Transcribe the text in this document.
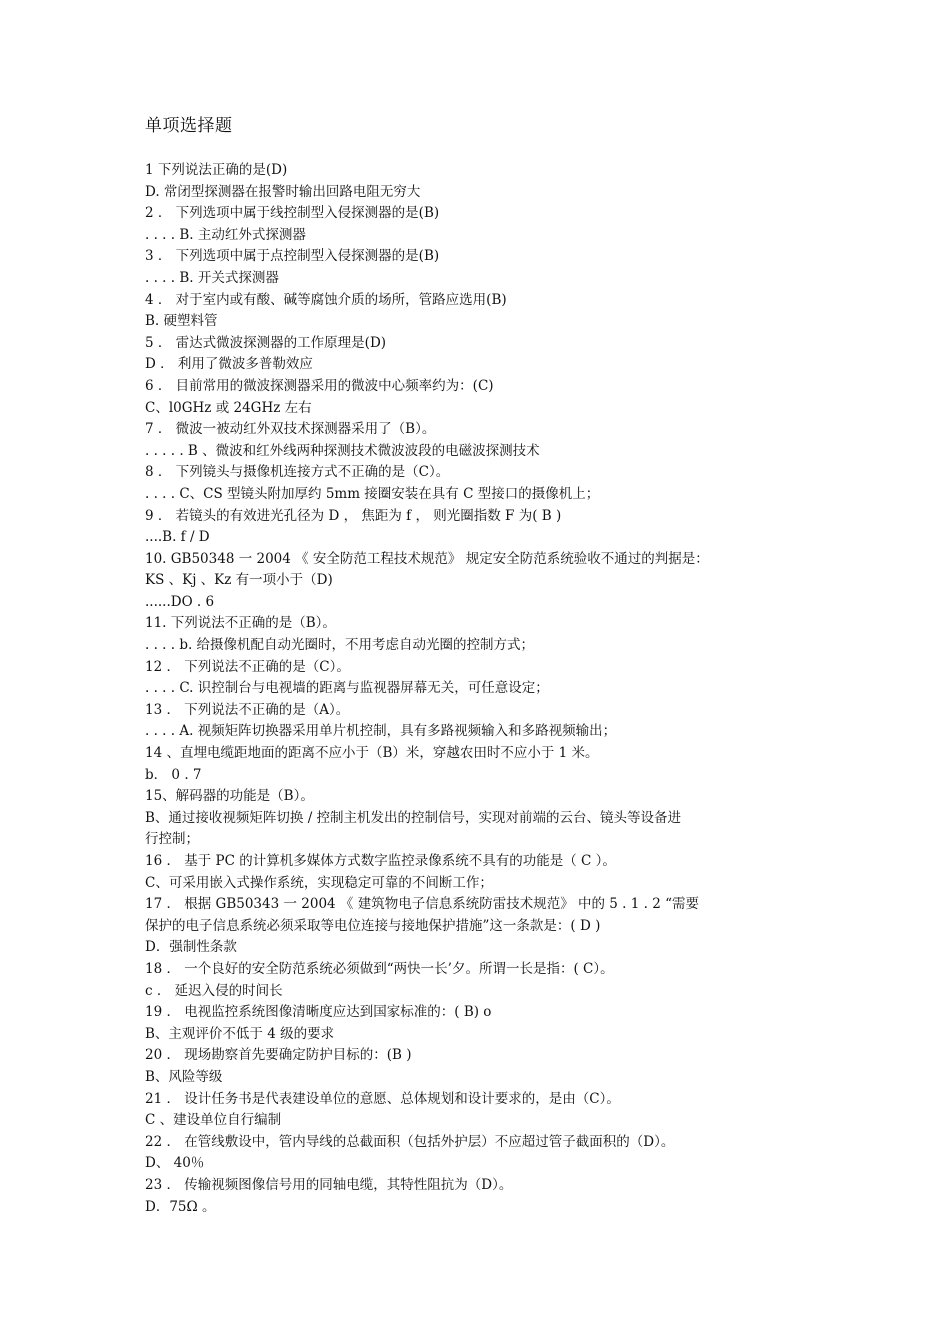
单项选择题
1 下列说法正确的是(D)
D. 常闭型探测器在报警时输出回路电阻无穷大
2 ． 下列选项中属于线控制型入侵探测器的是(B)
. . . . B. 主动红外式探测器
3 ． 下列选项中属于点控制型入侵探测器的是(B)
. . . . B. 开关式探测器
4 ． 对于室内或有酸、碱等腐蚀介质的场所，管路应选用(B)
B. 硬塑料管
5 ． 雷达式微波探测器的工作原理是(D)
D ． 利用了微波多普勒效应
6 ． 目前常用的微波探测器采用的微波中心频率约为：(C)
C、l0GHz 或 24GHz 左右
7 ． 微波一被动红外双技术探测器采用了（B）。
. . . . . B 、微波和红外线两种探测技术微波波段的电磁波探测技术
8 ． 下列镜头与摄像机连接方式不正确的是（C）。
. . . . C、CS 型镜头附加厚约 5mm 接圈安装在具有 C 型接口的摄像机上；
9 ． 若镜头的有效进光孔径为 D ， 焦距为 f ， 则光圈指数 F 为( B )
....B. f / D
10. GB50348 一 2004 《 安全防范工程技术规范》 规定安全防范系统验收不通过的判据是：
KS 、Kj 、Kz 有一项小于（D)
......DO . 6
11. 下列说法不正确的是（B）。
. . . . b. 给摄像机配自动光圈时，不用考虑自动光圈的控制方式；
12 ． 下列说法不正确的是（C）。
. . . . C. 识控制台与电视墙的距离与监视器屏幕无关，可任意设定；
13 ． 下列说法不正确的是（A）。
. . . . A. 视频矩阵切换器采用单片机控制，具有多路视频输入和多路视频输出；
14 、直埋电缆距地面的距离不应小于（B）米，穿越农田时不应小于 1 米。
b． 0 . 7
15、解码器的功能是（B）。
B、通过接收视频矩阵切换 / 控制主机发出的控制信号，实现对前端的云台、镜头等设备进
行控制；
16 ． 基于 PC 的计算机多媒体方式数字监控录像系统不具有的功能是（ C ）。
C、可采用嵌入式操作系统，实现稳定可靠的不间断工作；
17 ． 根据 GB50343 一 2004 《 建筑物电子信息系统防雷技术规范》 中的 5 . 1 . 2 “需要
保护的电子信息系统必须采取等电位连接与接地保护措施”这一条款是：( D )
D．强制性条款
18 ． 一个良好的安全防范系统必须做到“两快一长’夕。所谓一长是指：( C）。
c ． 延迟入侵的时间长
19 ． 电视监控系统图像清晰度应达到国家标准的：( B) o
B、主观评价不低于 4 级的要求
20 ． 现场勘察首先要确定防护目标的：(B )
B、风险等级
21 ． 设计任务书是代表建设单位的意愿、总体规划和设计要求的，是由（C）。
C 、建设单位自行编制
22 ． 在管线敷设中，管内导线的总截面积（包括外护层）不应超过管子截面积的（D）。
D、 40％
23 ． 传输视频图像信号用的同轴电缆，其特性阻抗为（D）。
D．75Ω 。
